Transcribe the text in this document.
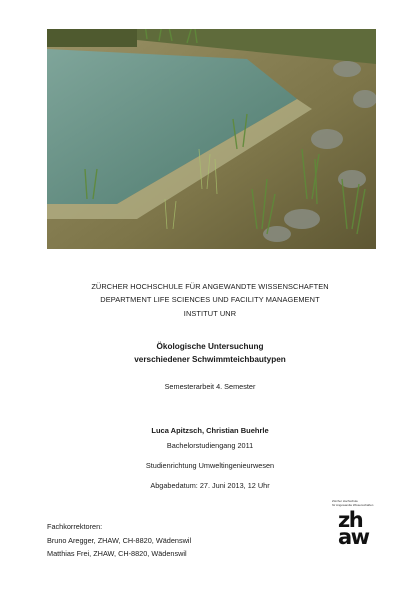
ZÜRCHER HOCHSCHULE FÜR ANGEWANDTE WISSENSCHAFTEN
DEPARTMENT LIFE SCIENCES UND FACILITY MANAGEMENT
INSTITUT UNR
Ökologische Untersuchung
verschiedener Schwimmteichbautypen
Semesterarbeit 4. Semester
Luca Apitzsch, Christian Buehrle
Bachelorstudiengang 2011
Studienrichtung Umweltingenieurwesen
Abgabedatum: 27. Juni 2013, 12 Uhr
Fachkorrektoren:
Bruno Aregger, ZHAW, CH-8820, Wädenswil
Matthias Frei, ZHAW, CH-8820, Wädenswil
Zürcher Hochschule
für Angewandte Wissenschaften
zh
aw
